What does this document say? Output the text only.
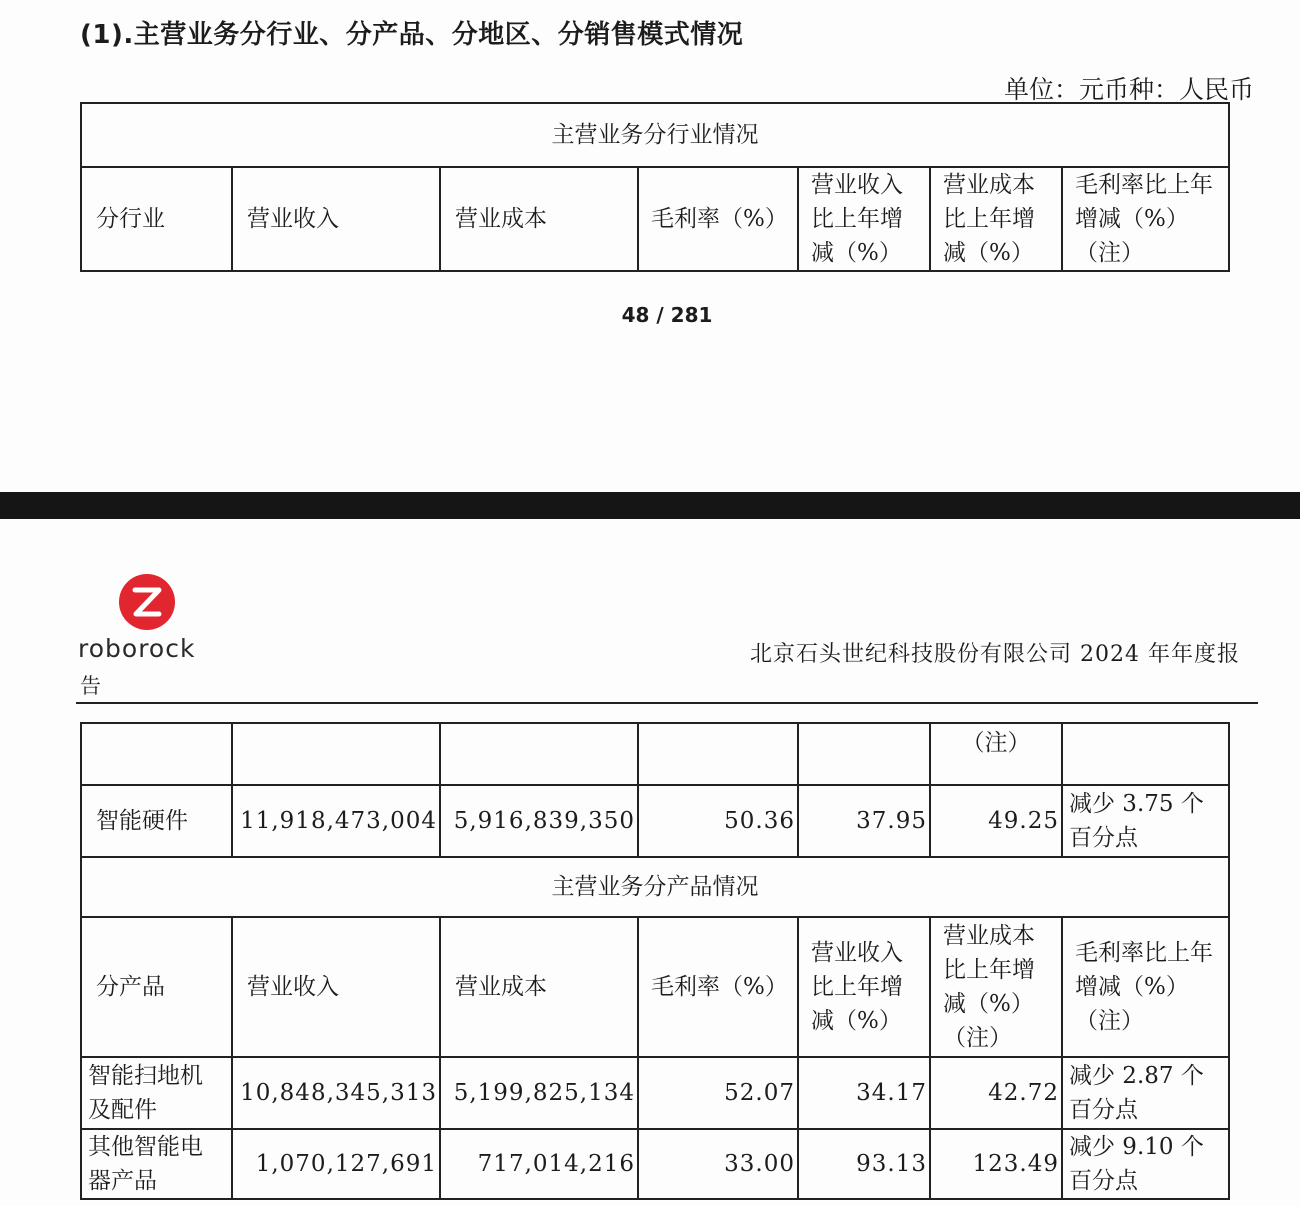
(1).主营业务分行业、分产品、分地区、分销售模式情况
单位：元币种：人民币
主营业务分行业情况
分行业	营业收入	营业成本	毛利率（%）	营业收入比上年增减（%）	营业成本比上年增减（%）	毛利率比上年增减（%）（注）
48 / 281
roborock	北京石头世纪科技股份有限公司 2024 年年度报
告
					（注）	
智能硬件	11,918,473,004	5,916,839,350	50.36	37.95	49.25	减少 3.75 个百分点
主营业务分产品情况						
分产品	营业收入	营业成本	毛利率（%）	营业收入比上年增减（%）	营业成本比上年增减（%）（注）	毛利率比上年增减（%）（注）
智能扫地机及配件	10,848,345,313	5,199,825,134	52.07	34.17	42.72	减少 2.87 个百分点
其他智能电器产品	1,070,127,691	717,014,216	33.00	93.13	123.49	减少 9.10 个百分点
